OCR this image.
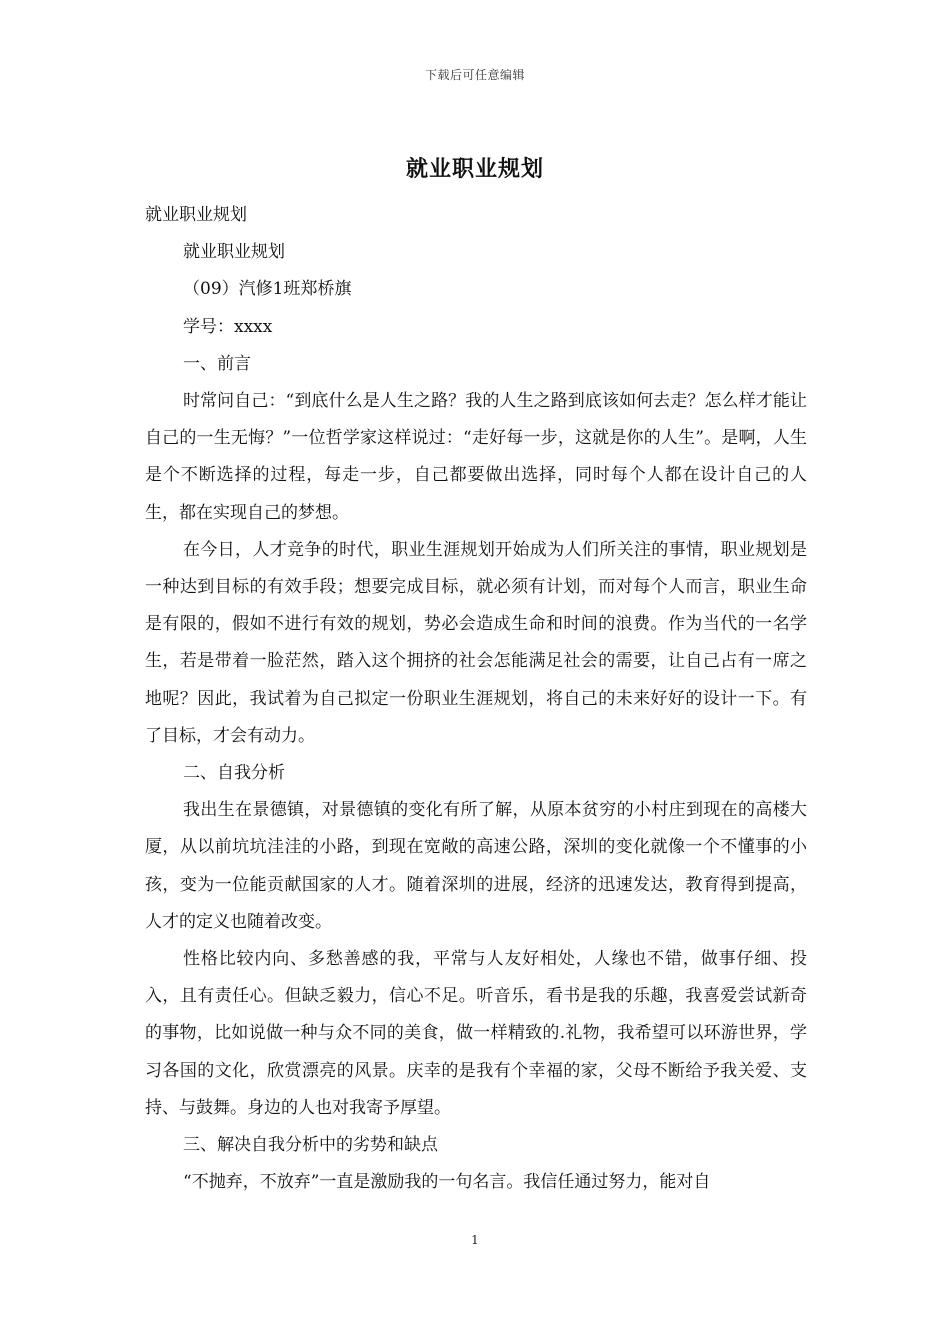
下载后可任意编辑
就业职业规划

就业职业规划

就业职业规划

（09）汽修1班郑桥旗

学号：xxxx

一、前言

时常问自己：“到底什么是人生之路？我的人生之路到底该如何去走？怎么样才能让自己的一生无悔？”一位哲学家这样说过：“走好每一步，这就是你的人生”。是啊，人生是个不断选择的过程，每走一步，自己都要做出选择，同时每个人都在设计自己的人生，都在实现自己的梦想。

在今日，人才竞争的时代，职业生涯规划开始成为人们所关注的事情，职业规划是一种达到目标的有效手段；想要完成目标，就必须有计划，而对每个人而言，职业生命是有限的，假如不进行有效的规划，势必会造成生命和时间的浪费。作为当代的一名学生，若是带着一脸茫然，踏入这个拥挤的社会怎能满足社会的需要，让自己占有一席之地呢？因此，我试着为自己拟定一份职业生涯规划，将自己的未来好好的设计一下。有了目标，才会有动力。

二、自我分析

我出生在景德镇，对景德镇的变化有所了解，从原本贫穷的小村庄到现在的高楼大厦，从以前坑坑洼洼的小路，到现在宽敞的高速公路，深圳的变化就像一个不懂事的小孩，变为一位能贡献国家的人才。随着深圳的进展，经济的迅速发达，教育得到提高，人才的定义也随着改变。

性格比较内向、多愁善感的我，平常与人友好相处，人缘也不错，做事仔细、投入，且有责任心。但缺乏毅力，信心不足。听音乐，看书是我的乐趣，我喜爱尝试新奇的事物，比如说做一种与众不同的美食，做一样精致的.礼物，我希望可以环游世界，学习各国的文化，欣赏漂亮的风景。庆幸的是我有个幸福的家，父母不断给予我关爱、支持、与鼓舞。身边的人也对我寄予厚望。

三、解决自我分析中的劣势和缺点

“不抛弃，不放弃”一直是激励我的一句名言。我信任通过努力，能对自

1
